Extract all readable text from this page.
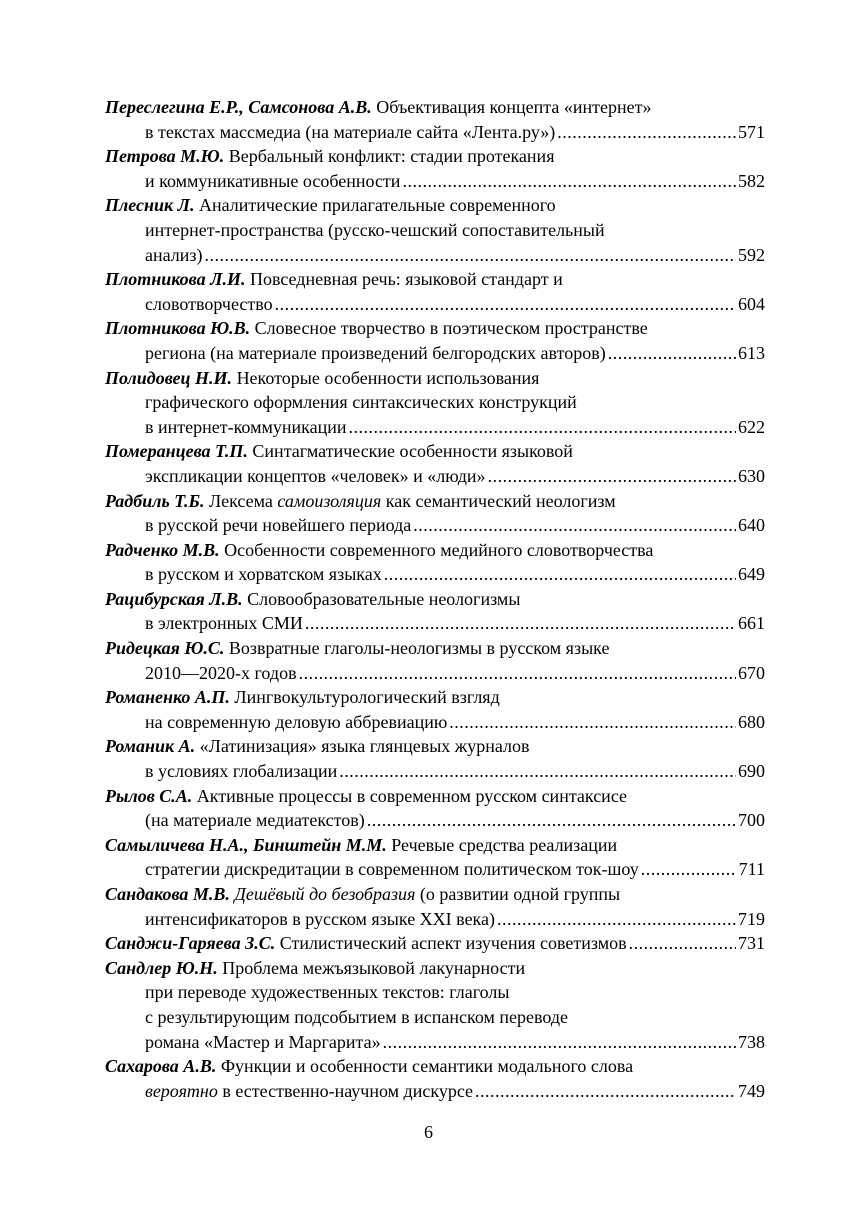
Переслегина Е.Р., Самсонова А.В. Объективация концепта «интернет»
в текстах массмедиа (на материале сайта «Лента.ру») .....	571
Петрова М.Ю. Вербальный конфликт: стадии протекания
и коммуникативные особенности .....	582
Плесник Л. Аналитические прилагательные современного
интернет-пространства (русско-чешский сопоставительный
анализ) .....	592
Плотникова Л.И. Повседневная речь: языковой стандарт и
словотворчество .....	604
Плотникова Ю.В. Словесное творчество в поэтическом пространстве
региона (на материале произведений белгородских авторов) .....	613
Полидовец Н.И. Некоторые особенности использования
графического оформления синтаксических конструкций
в интернет-коммуникации .....	622
Померанцева Т.П. Синтагматические особенности языковой
экспликации концептов «человек» и «люди» .....	630
Радбиль Т.Б. Лексема самоизоляция как семантический неологизм
в русской речи новейшего периода .....	640
Радченко М.В. Особенности современного медийного словотворчества
в русском и хорватском языках .....	649
Рацибурская Л.В. Словообразовательные неологизмы
в электронных СМИ .....	661
Ридецкая Ю.С. Возвратные глаголы-неологизмы в русском языке
2010—2020-х годов .....	670
Романенко А.П. Лингвокультурологический взгляд
на современную деловую аббревиацию .....	680
Романик А. «Латинизация» языка глянцевых журналов
в условиях глобализации .....	690
Рылов С.А. Активные процессы в современном русском синтаксисе
(на материале медиатекстов) .....	700
Самыличева Н.А., Бинштейн М.М. Речевые средства реализации
стратегии дискредитации в современном политическом ток-шоу .....	711
Сандакова М.В. Дешёвый до безобразия (о развитии одной группы
интенсификаторов в русском языке XXI века) .....	719
Санджи-Гаряева З.С. Стилистический аспект изучения советизмов .....	731
Сандлер Ю.Н. Проблема межъязыковой лакунарности
при переводе художественных текстов: глаголы
с результирующим подсобытием в испанском переводе
романа «Мастер и Маргарита» .....	738
Сахарова А.В. Функции и особенности семантики модального слова
вероятно в естественно-научном дискурсе .....	749
6
